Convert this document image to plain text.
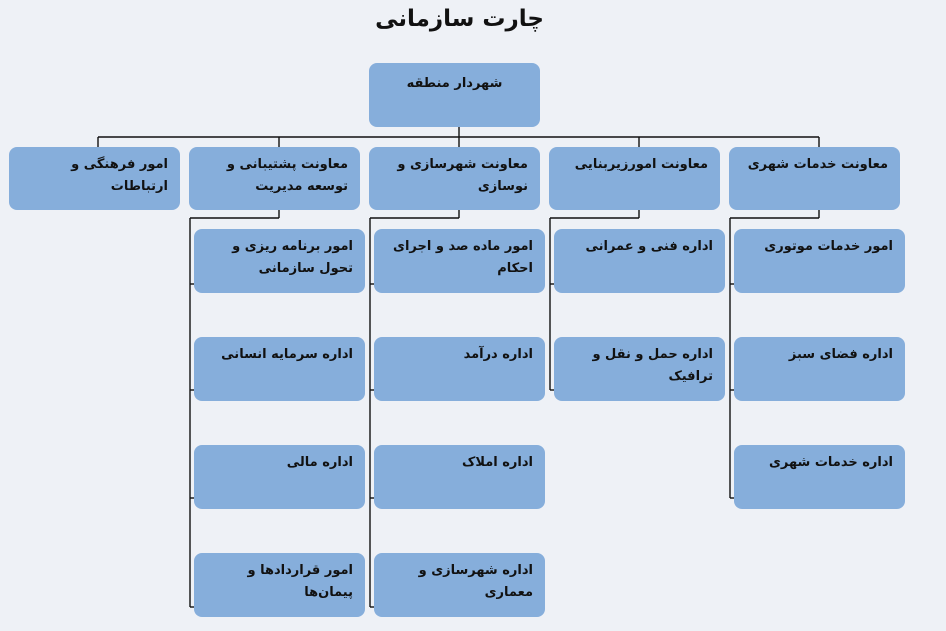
چارت سازمانی
شهردار منطقه
امور فرهنگی و ارتباطات
معاونت پشتیبانی و توسعه مدیریت
معاونت شهرسازی و نوسازی
معاونت امورزیربنایی	معاونت خدمات شهری
امور برنامه ریزی و تحول سازمانی
اداره سرمایه انسانی
اداره مالی
امور قراردادها و پیمان‌ها
امور ماده صد و اجرای احکام
اداره درآمد
اداره املاک
اداره شهرسازی و معماری
اداره فنی و عمرانی
اداره حمل و نقل و ترافیک
امور خدمات موتوری
اداره فضای سبز
اداره خدمات شهری
